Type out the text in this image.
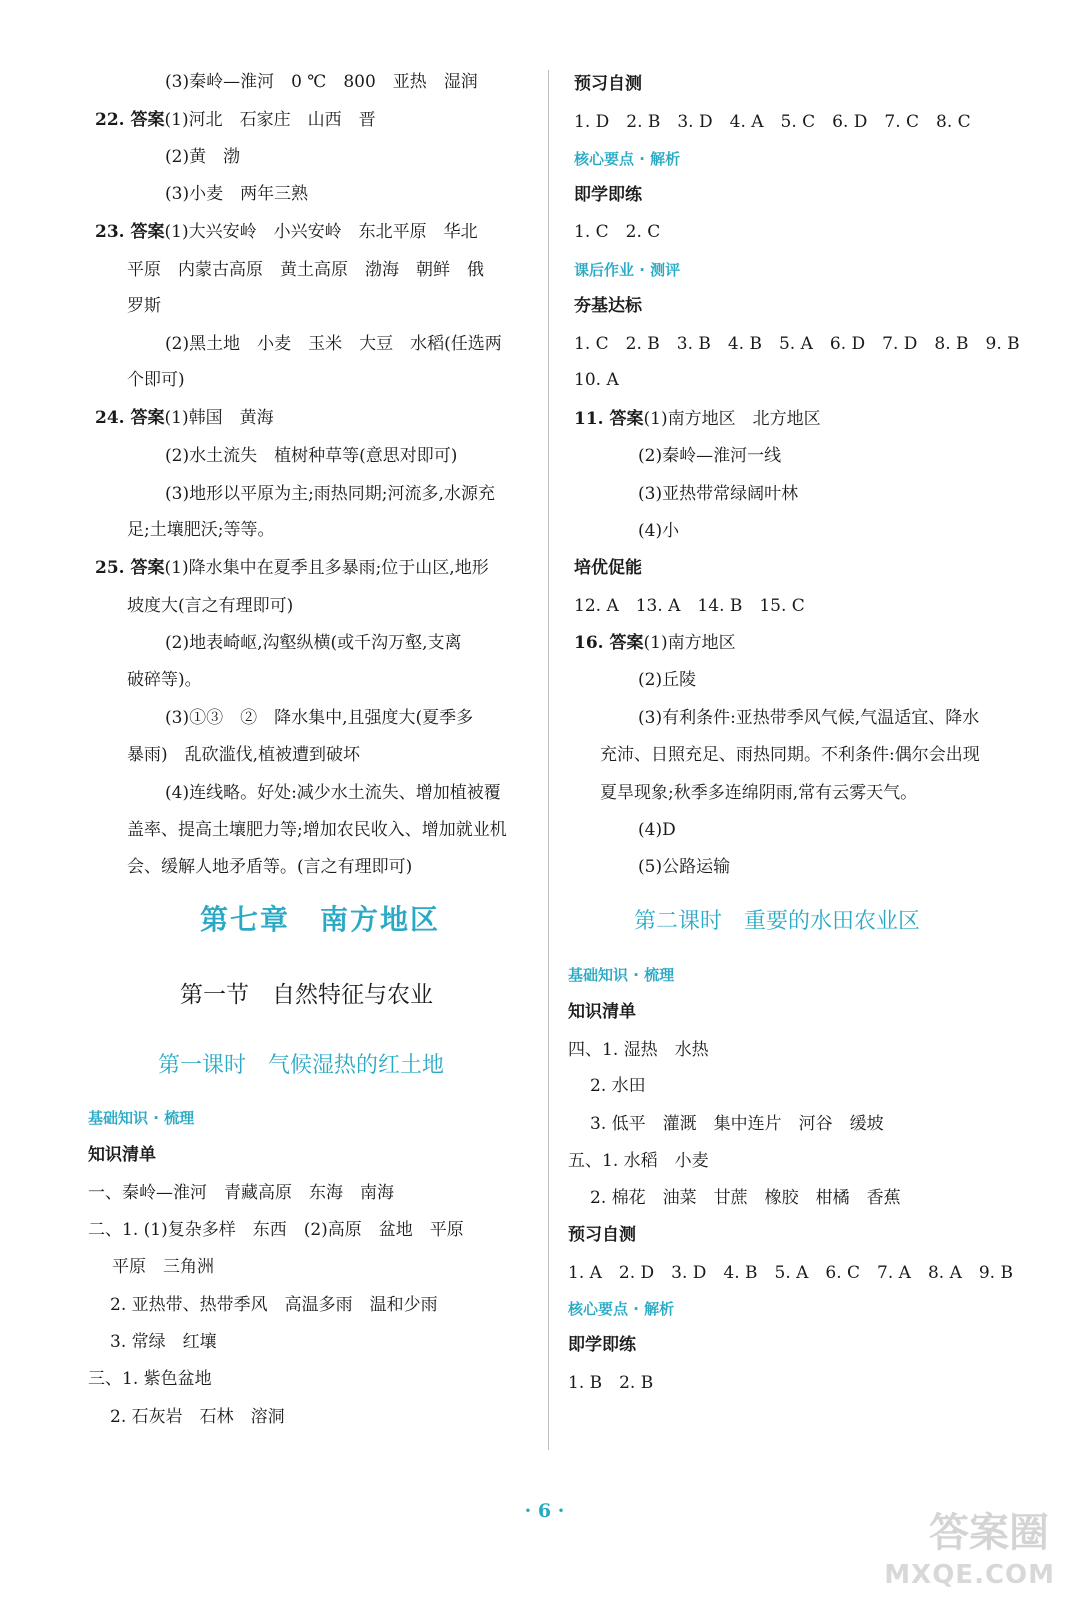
(3)秦岭—淮河　0 ℃　800　亚热　湿润
22. 答案(1)河北　石家庄　山西　晋
(2)黄　渤
(3)小麦　两年三熟
23. 答案(1)大兴安岭　小兴安岭　东北平原　华北
平原　内蒙古高原　黄土高原　渤海　朝鲜　俄
罗斯
(2)黑土地　小麦　玉米　大豆　水稻(任选两
个即可)
24. 答案(1)韩国　黄海
(2)水土流失　植树种草等(意思对即可)
(3)地形以平原为主;雨热同期;河流多,水源充
足;土壤肥沃;等等。
25. 答案(1)降水集中在夏季且多暴雨;位于山区,地形
坡度大(言之有理即可)
(2)地表崎岖,沟壑纵横(或千沟万壑,支离
破碎等)。
(3)①③　②　降水集中,且强度大(夏季多
暴雨)　乱砍滥伐,植被遭到破坏
(4)连线略。好处:减少水土流失、增加植被覆
盖率、提高土壤肥力等;增加农民收入、增加就业机
会、缓解人地矛盾等。(言之有理即可)
第七章　南方地区
第一节　自然特征与农业
第一课时　气候湿热的红土地
基础知识 · 梳理
知识清单
一、秦岭—淮河　青藏高原　东海　南海
二、1. (1)复杂多样　东西　(2)高原　盆地　平原
平原　三角洲
2. 亚热带、热带季风　高温多雨　温和少雨
3. 常绿　红壤
三、1. 紫色盆地
2. 石灰岩　石林　溶洞
预习自测
1. D　2. B　3. D　4. A　5. C　6. D　7. C　8. C
核心要点 · 解析
即学即练
1. C　2. C
课后作业 · 测评
夯基达标
1. C　2. B　3. B　4. B　5. A　6. D　7. D　8. B　9. B
10. A
11. 答案(1)南方地区　北方地区
(2)秦岭—淮河一线
(3)亚热带常绿阔叶林
(4)小
培优促能
12. A　13. A　14. B　15. C
16. 答案(1)南方地区
(2)丘陵
(3)有利条件:亚热带季风气候,气温适宜、降水
充沛、日照充足、雨热同期。不利条件:偶尔会出现
夏旱现象;秋季多连绵阴雨,常有云雾天气。
(4)D
(5)公路运输
第二课时　重要的水田农业区
基础知识 · 梳理
知识清单
四、1. 湿热　水热
2. 水田
3. 低平　灌溉　集中连片　河谷　缓坡
五、1. 水稻　小麦
2. 棉花　油菜　甘蔗　橡胶　柑橘　香蕉
预习自测
1. A　2. D　3. D　4. B　5. A　6. C　7. A　8. A　9. B
核心要点 · 解析
即学即练
1. B　2. B
· 6 ·	答案圈
MXQE.COM
